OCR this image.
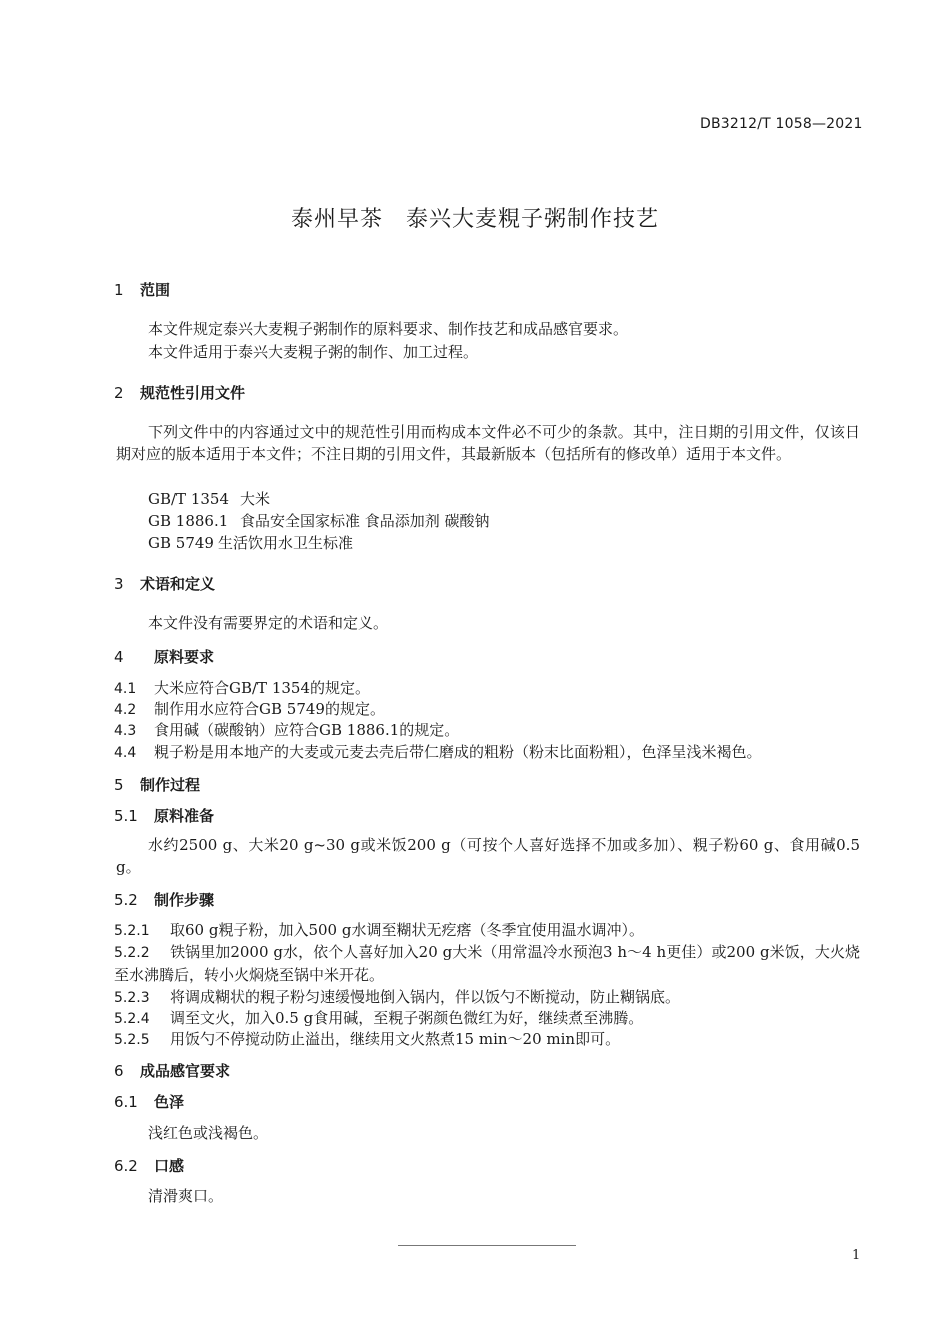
DB3212/T 1058—2021
泰州早茶　泰兴大麦粯子粥制作技艺
1 范围
本文件规定泰兴大麦粯子粥制作的原料要求、制作技艺和成品感官要求。
本文件适用于泰兴大麦粯子粥的制作、加工过程。
2 规范性引用文件
下列文件中的内容通过文中的规范性引用而构成本文件必不可少的条款。其中，注日期的引用文件，仅该日期对应的版本适用于本文件；不注日期的引用文件，其最新版本（包括所有的修改单）适用于本文件。
GB/T 1354 大米
GB 1886.1 食品安全国家标准 食品添加剂 碳酸钠
GB 5749 生活饮用水卫生标准
3 术语和定义
本文件没有需要界定的术语和定义。
4 原料要求
4.1 大米应符合GB/T 1354的规定。
4.2 制作用水应符合GB 5749的规定。
4.3 食用碱（碳酸钠）应符合GB 1886.1的规定。
4.4 粯子粉是用本地产的大麦或元麦去壳后带仁磨成的粗粉（粉末比面粉粗），色泽呈浅米褐色。
5 制作过程
5.1 原料准备
水约2500 g、大米20 g~30 g或米饭200 g（可按个人喜好选择不加或多加）、粯子粉60 g、食用碱0.5 g。
5.2 制作步骤
5.2.1 取60 g粯子粉，加入500 g水调至糊状无疙瘩（冬季宜使用温水调冲）。
5.2.2 铁锅里加2000 g水，依个人喜好加入20 g大米（用常温冷水预泡3 h～4 h更佳）或200 g米饭，大火烧至水沸腾后，转小火焖烧至锅中米开花。
5.2.3 将调成糊状的粯子粉匀速缓慢地倒入锅内，伴以饭勺不断搅动，防止糊锅底。
5.2.4 调至文火，加入0.5 g食用碱，至粯子粥颜色微红为好，继续煮至沸腾。
5.2.5 用饭勺不停搅动防止溢出，继续用文火熬煮15 min～20 min即可。
6 成品感官要求
6.1 色泽
浅红色或浅褐色。
6.2 口感
清滑爽口。
1
